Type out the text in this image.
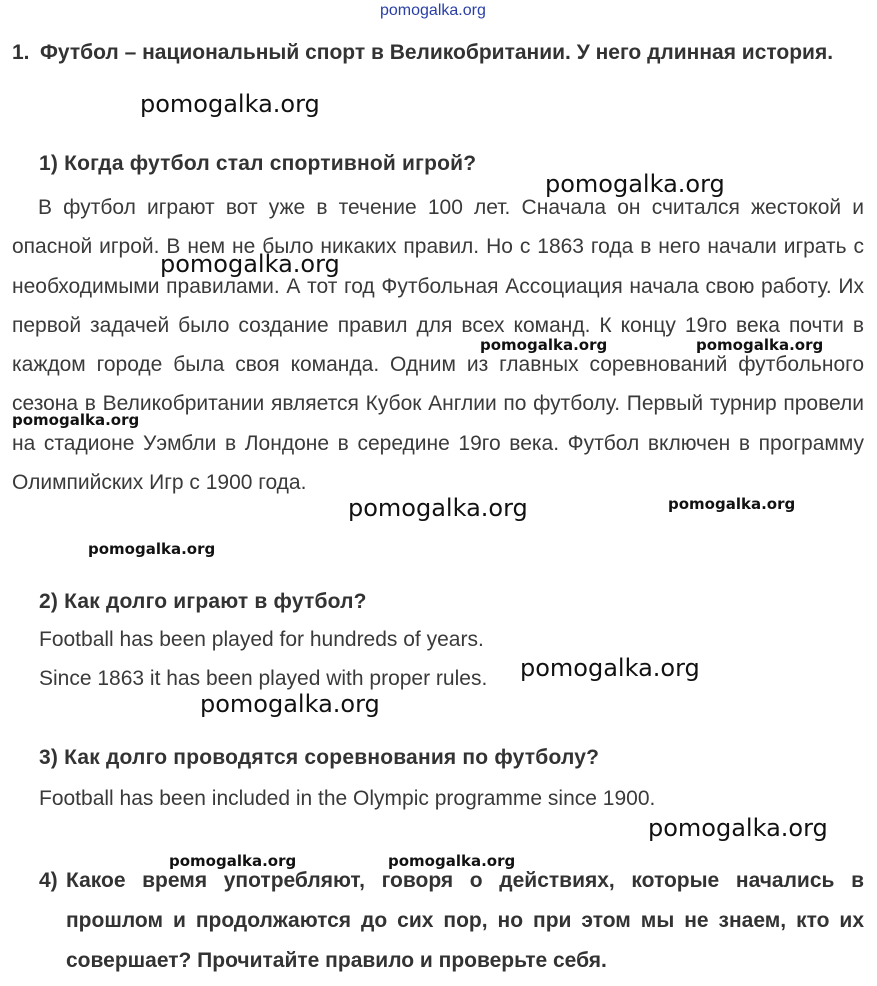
1. Футбол – национальный спорт в Великобритании. У него длинная история.
1) Когда футбол стал спортивной игрой?
В футбол играют вот уже в течение 100 лет. Сначала он считался жестокой и опасной игрой. В нем не было никаких правил. Но с 1863 года в него начали играть с необходимыми правилами. А тот год Футбольная Ассоциация начала свою работу. Их первой задачей было создание правил для всех команд. К концу 19го века почти в каждом городе была своя команда. Одним из главных соревнований футбольного сезона в Великобритании является Кубок Англии по футболу. Первый турнир провели на стадионе Уэмбли в Лондоне в середине 19го века. Футбол включен в программу Олимпийских Игр с 1900 года.
2) Как долго играют в футбол?
Football has been played for hundreds of years.
Since 1863 it has been played with proper rules.
3) Как долго проводятся соревнования по футболу?
Football has been included in the Olympic programme since 1900.
4) Какое время употребляют, говоря о действиях, которые начались в прошлом и продолжаются до сих пор, но при этом мы не знаем, кто их совершает? Прочитайте правило и проверьте себя.
pomogalka.org
pomogalka.org
pomogalka.org
pomogalka.org
pomogalka.org	pomogalka.org
pomogalka.org
pomogalka.org	pomogalka.org
pomogalka.org
pomogalka.org
pomogalka.org
pomogalka.org
pomogalka.org	pomogalka.org
